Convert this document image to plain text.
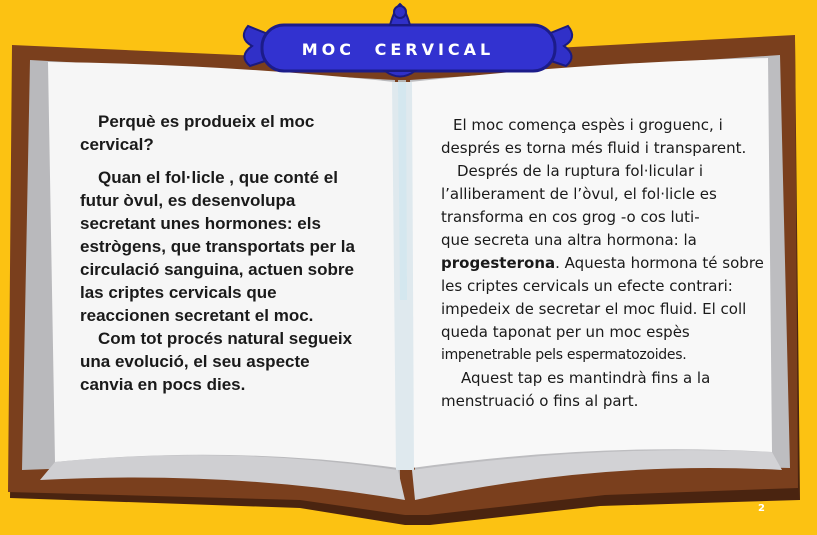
MOC CERVICAL

Perquè es produeix el moc

cervical?

Quan el fol·licle , que conté el

futur òvul, es desenvolupa

secretant unes hormones: els

estrògens, que transportats per la

circulació sanguina, actuen sobre

las criptes cervicals que

reaccionen secretant el moc.

Com tot procés natural segueix

una evolució, el seu aspecte

canvia en pocs dies.

El moc comença espès i groguenc, i

després es torna més fluid i transparent.

Després de la ruptura fol·licular i

l’alliberament de l’òvul, el fol·licle es

transforma en cos grog -o cos luti-

que secreta una altra hormona: la

progesterona. Aquesta hormona té sobre

les criptes cervicals un efecte contrari:

impedeix de secretar el moc fluid. El coll

queda taponat per un moc espès

impenetrable pels espermatozoides.

Aquest tap es mantindrà fins a la

menstruació o fins al part.

2
